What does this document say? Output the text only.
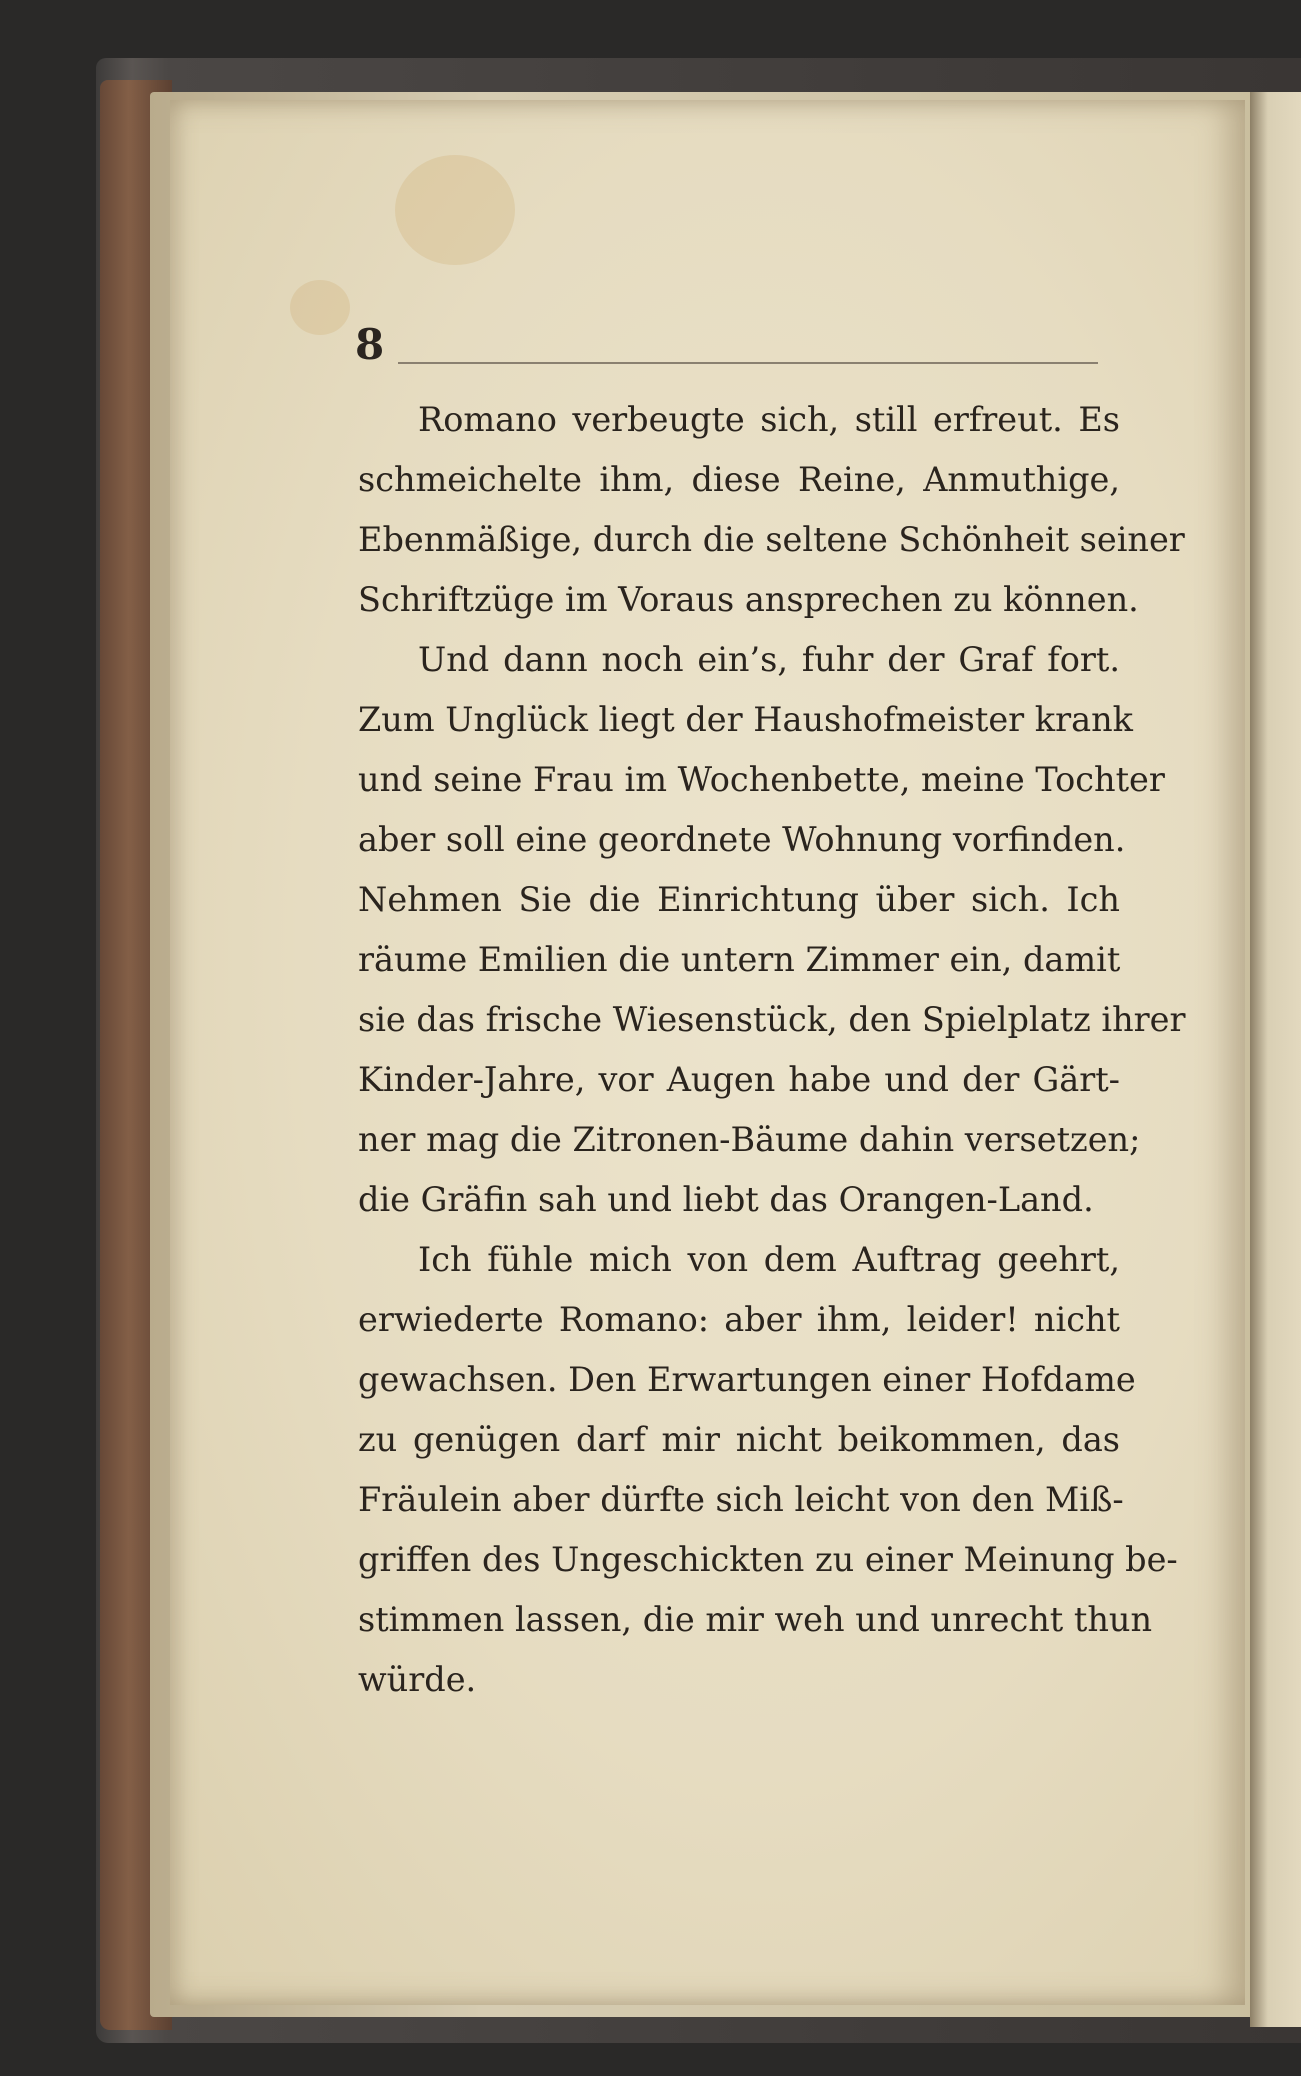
8
Romano verbeugte sich, still erfreut. Es
schmeichelte ihm, diese Reine, Anmuthige,
Ebenmäßige, durch die seltene Schönheit seiner
Schriftzüge im Voraus ansprechen zu können.
Und dann noch ein’s, fuhr der Graf fort.
Zum Unglück liegt der Haushofmeister krank
und seine Frau im Wochenbette, meine Tochter
aber soll eine geordnete Wohnung vorfinden.
Nehmen Sie die Einrichtung über sich. Ich
räume Emilien die untern Zimmer ein, damit
sie das frische Wiesenstück, den Spielplatz ihrer
Kinder-Jahre, vor Augen habe und der Gärt-
ner mag die Zitronen-Bäume dahin versetzen;
die Gräfin sah und liebt das Orangen-Land.
Ich fühle mich von dem Auftrag geehrt,
erwiederte Romano: aber ihm, leider! nicht
gewachsen. Den Erwartungen einer Hofdame
zu genügen darf mir nicht beikommen, das
Fräulein aber dürfte sich leicht von den Miß-
griffen des Ungeschickten zu einer Meinung be-
stimmen lassen, die mir weh und unrecht thun
würde.
